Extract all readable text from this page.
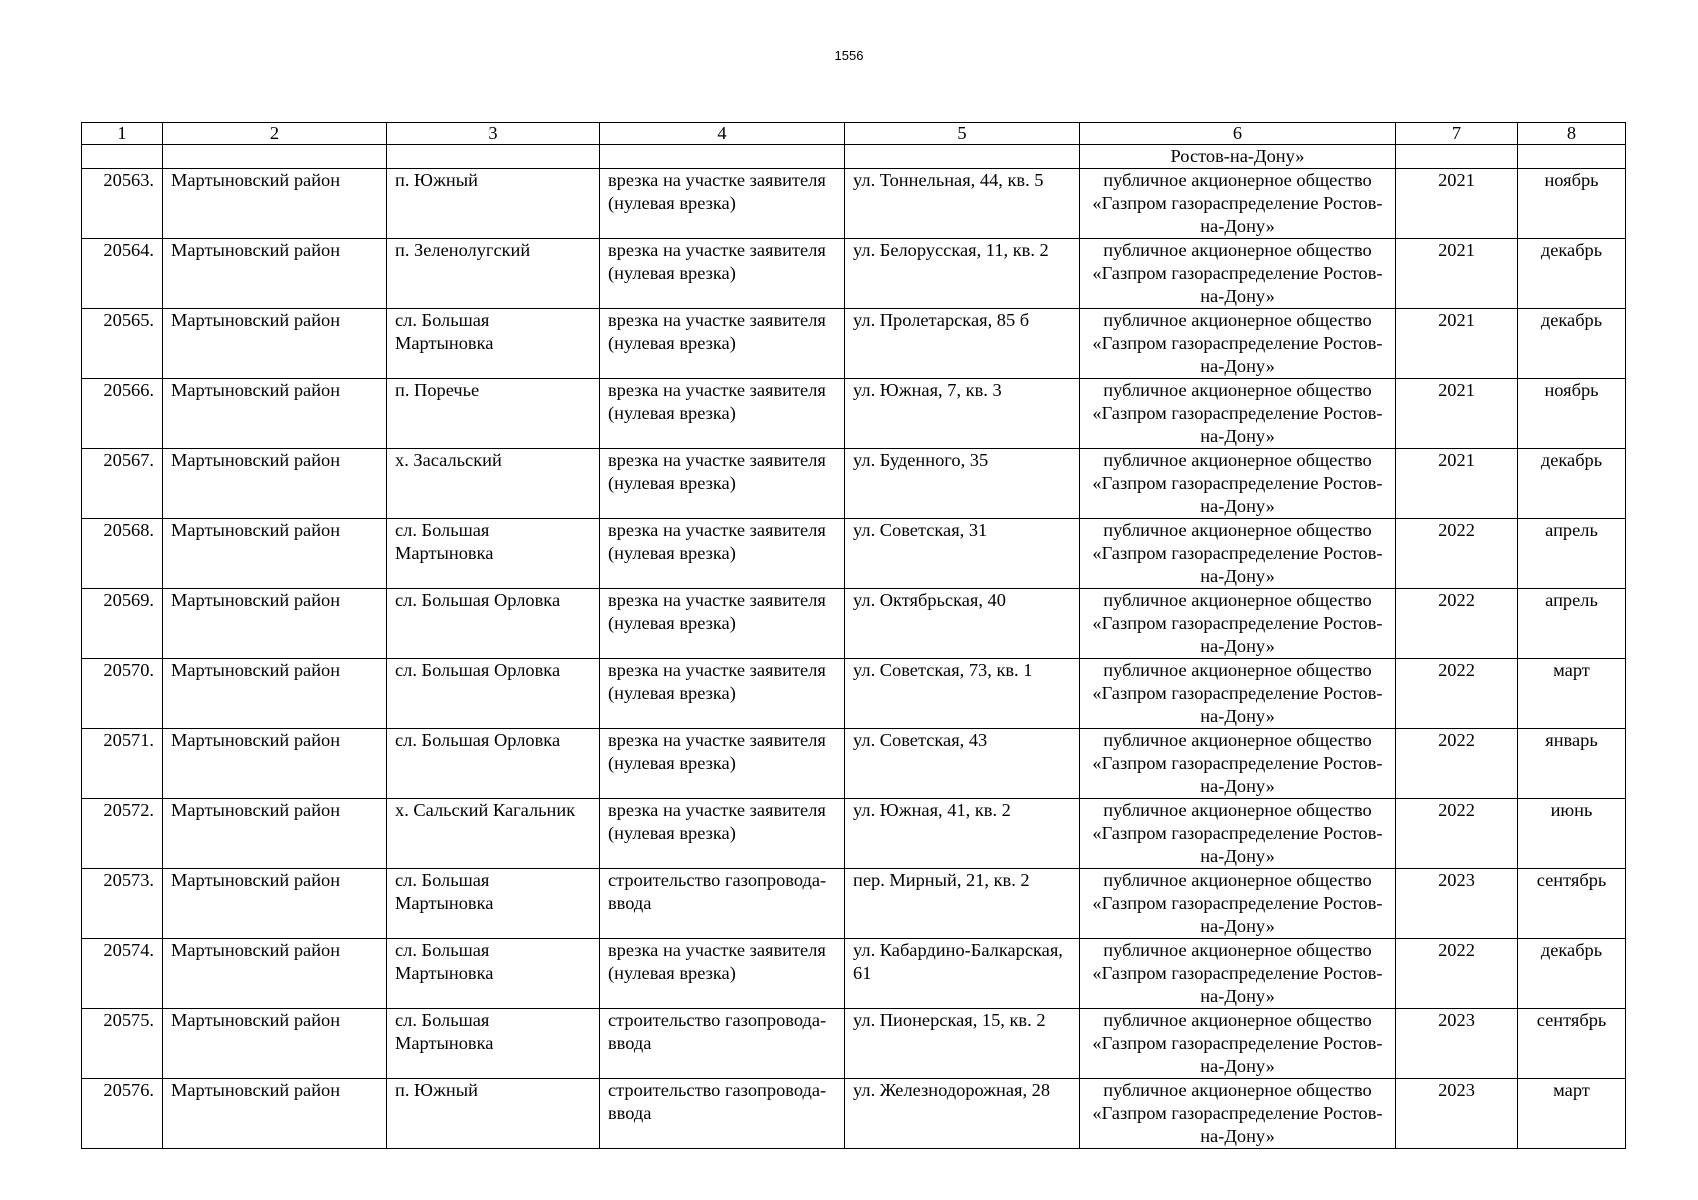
1556
1	2	3	4	5	6	7	8
					Ростов-на-Дону»		
20563.	Мартыновский район	п. Южный	врезка на участке заявителя (нулевая врезка)	ул. Тоннельная, 44, кв. 5	публичное акционерное общество «Газпром газораспределение Ростов-на-Дону»	2021	ноябрь
20564.	Мартыновский район	п. Зеленолугский	врезка на участке заявителя (нулевая врезка)	ул. Белорусская, 11, кв. 2	публичное акционерное общество «Газпром газораспределение Ростов-на-Дону»	2021	декабрь
20565.	Мартыновский район	сл. Большая Мартыновка	врезка на участке заявителя (нулевая врезка)	ул. Пролетарская, 85 б	публичное акционерное общество «Газпром газораспределение Ростов-на-Дону»	2021	декабрь
20566.	Мартыновский район	п. Поречье	врезка на участке заявителя (нулевая врезка)	ул. Южная, 7, кв. 3	публичное акционерное общество «Газпром газораспределение Ростов-на-Дону»	2021	ноябрь
20567.	Мартыновский район	х. Засальский	врезка на участке заявителя (нулевая врезка)	ул. Буденного, 35	публичное акционерное общество «Газпром газораспределение Ростов-на-Дону»	2021	декабрь
20568.	Мартыновский район	сл. Большая Мартыновка	врезка на участке заявителя (нулевая врезка)	ул. Советская, 31	публичное акционерное общество «Газпром газораспределение Ростов-на-Дону»	2022	апрель
20569.	Мартыновский район	сл. Большая Орловка	врезка на участке заявителя (нулевая врезка)	ул. Октябрьская, 40	публичное акционерное общество «Газпром газораспределение Ростов-на-Дону»	2022	апрель
20570.	Мартыновский район	сл. Большая Орловка	врезка на участке заявителя (нулевая врезка)	ул. Советская, 73, кв. 1	публичное акционерное общество «Газпром газораспределение Ростов-на-Дону»	2022	март
20571.	Мартыновский район	сл. Большая Орловка	врезка на участке заявителя (нулевая врезка)	ул. Советская, 43	публичное акционерное общество «Газпром газораспределение Ростов-на-Дону»	2022	январь
20572.	Мартыновский район	х. Сальский Кагальник	врезка на участке заявителя (нулевая врезка)	ул. Южная, 41, кв. 2	публичное акционерное общество «Газпром газораспределение Ростов-на-Дону»	2022	июнь
20573.	Мартыновский район	сл. Большая Мартыновка	строительство газопровода-ввода	пер. Мирный, 21, кв. 2	публичное акционерное общество «Газпром газораспределение Ростов-на-Дону»	2023	сентябрь
20574.	Мартыновский район	сл. Большая Мартыновка	врезка на участке заявителя (нулевая врезка)	ул. Кабардино-Балкарская, 61	публичное акционерное общество «Газпром газораспределение Ростов-на-Дону»	2022	декабрь
20575.	Мартыновский район	сл. Большая Мартыновка	строительство газопровода-ввода	ул. Пионерская, 15, кв. 2	публичное акционерное общество «Газпром газораспределение Ростов-на-Дону»	2023	сентябрь
20576.	Мартыновский район	п. Южный	строительство газопровода-ввода	ул. Железнодорожная, 28	публичное акционерное общество «Газпром газораспределение Ростов-на-Дону»	2023	март
